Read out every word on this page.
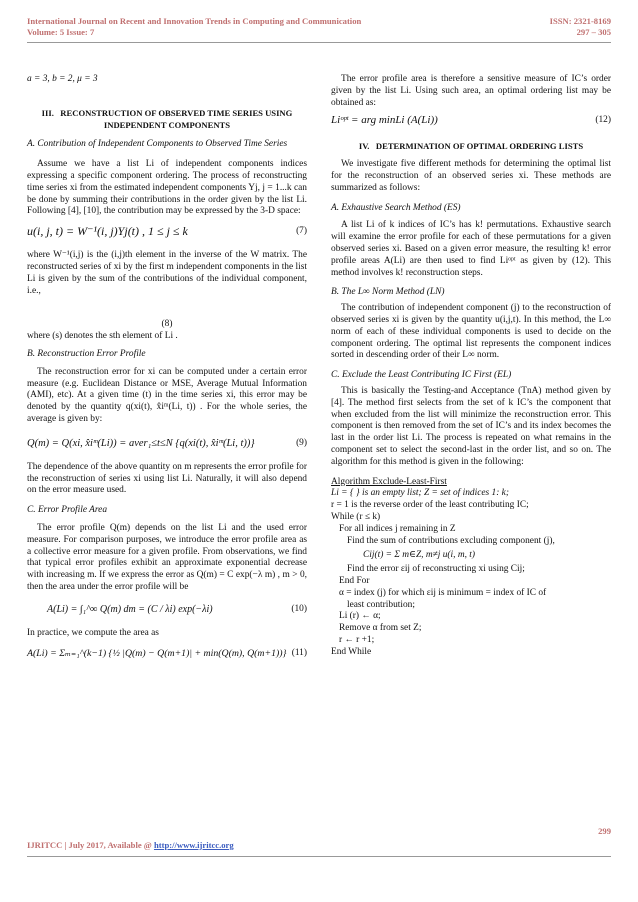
International Journal on Recent and Innovation Trends in Computing and Communication
Volume: 5 Issue: 7
ISSN: 2321-8169
297 – 305

a = 3, b = 2, μ = 3

III. RECONSTRUCTION OF OBSERVED TIME SERIES USING INDEPENDENT COMPONENTS

A. Contribution of Independent Components to Observed Time Series

Assume we have a list Li of independent components indices expressing a specific component ordering. The process of reconstructing time series xi from the estimated independent components Yj, j = 1...k can be done by summing their contributions in the order given by the list Li. Following [4], [10], the contribution may be expressed by the 3-D space:

u(i, j, t) = W⁻¹(i, j)Yj(t) , 1 ≤ j ≤ k	(7)

where W⁻¹(i,j) is the (i,j)th element in the inverse of the W matrix. The reconstructed series of xi by the first m independent components in the list Li is given by the sum of the contributions of the individual component, i.e.,

(8)

where (s) denotes the sth element of Li .

B. Reconstruction Error Profile

The reconstruction error for xi can be computed under a certain error measure (e.g. Euclidean Distance or MSE, Average Mutual Information (AMI), etc). At a given time (t) in the time series xi, this error may be denoted by the quantity q(xi(t), x̂iᵐ(Li, t)) . For the whole series, the average is given by:

Q(m) = Q(xi, x̂iᵐ(Li)) = aver₁≤t≤N {q(xi(t), x̂iᵐ(Li, t))}	(9)

The dependence of the above quantity on m represents the error profile for the reconstruction of series xi using list Li. Naturally, it will also depend on the error measure used.

C. Error Profile Area

The error profile Q(m) depends on the list Li and the used error measure. For comparison purposes, we introduce the error profile area as a collective error measure for a given profile. From observations, we find that typical error profiles exhibit an approximate exponential decrease with increasing m. If we express the error as Q(m) = C exp(−λ m) , m > 0, then the area under the error profile will be

A(Li) = ∫₁^∞ Q(m) dm = (C / λi) exp(−λi)	(10)

In practice, we compute the area as

A(Li) = Σₘ₌₁^(k−1) {½ |Q(m) − Q(m+1)| + min(Q(m), Q(m+1))} (11)

The error profile area is therefore a sensitive measure of IC’s order given by the list Li. Using such area, an optimal ordering list may be obtained as:

Liᵒᵖᵗ = arg minLi (A(Li))	(12)

IV. DETERMINATION OF OPTIMAL ORDERING LISTS

We investigate five different methods for determining the optimal list for the reconstruction of an observed series xi. These methods are summarized as follows:

A. Exhaustive Search Method (ES)

A list Li of k indices of IC’s has k! permutations. Exhaustive search will examine the error profile for each of these permutations for a given observed series xi. Based on a given error measure, the resulting k! error profile areas A(Li) are then used to find Liᵒᵖᵗ as given by (12). This method involves k! reconstruction steps.

B. The L∞ Norm Method (LN)

The contribution of independent component (j) to the reconstruction of observed series xi is given by the quantity u(i,j,t). In this method, the L∞ norm of each of these individual components is used to decide on the component ordering. The optimal list represents the component indices sorted in descending order of their L∞ norm.

C. Exclude the Least Contributing IC First (EL)

This is basically the Testing-and Acceptance (TnA) method given by [4]. The method first selects from the set of k IC’s the component that when excluded from the list will minimize the reconstruction error. This component is then removed from the set of IC’s and its index becomes the last in the order list Li. The process is repeated on what remains in the component set to select the second-last in the order list, and so on. The algorithm for this method is given in the following:

Algorithm Exclude-Least-First

Li = { } is an empty list; Z = set of indices 1: k;

r = 1 is the reverse order of the least contributing IC;

While (r ≤ k)

For all indices j remaining in Z

Find the sum of contributions excluding component (j),

Cij(t) = Σ m∈Z, m≠j u(i, m, t)

Find the error εij of reconstructing xi using Cij;

End For

α = index (j) for which εij is minimum = index of IC of

least contribution;

Li (r) ← α;

Remove α from set Z;

r ← r +1;

End While

299
IJRITCC | July 2017, Available @ http://www.ijritcc.org
